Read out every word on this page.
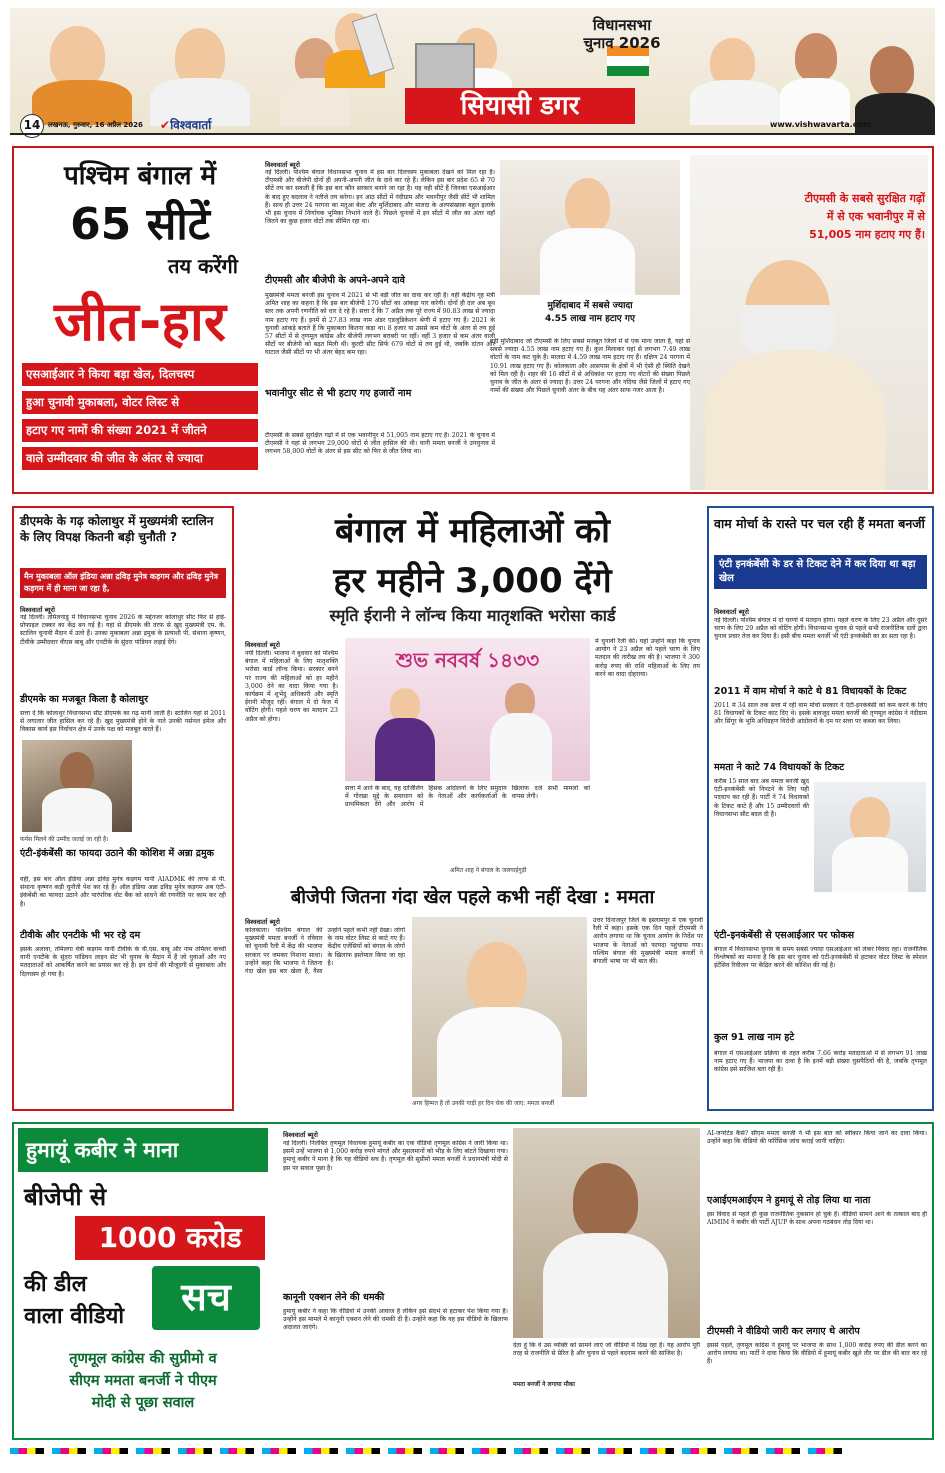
विधानसभा
चुनाव 2026
सियासी डगर
14	लखनऊ, गुरुवार, 16 अप्रैल 2026 ✔विश्ववार्ता	www.vishwavarta.com
पश्चिम बंगाल में
65 सीटें
तय करेंगी
जीत-हार
एसआईआर ने किया बड़ा खेल, दिलचस्प
हुआ चुनावी मुकाबला, वोटर लिस्ट से
हटाए गए नामों की संख्या 2021 में जीतने
वाले उम्मीदवार की जीत के अंतर से ज्यादा
विश्ववार्ता ब्यूरो
नई दिल्ली। पश्चिम बंगाल विधानसभा चुनाव में इस बार दिलचस्प मुकाबला देखने को मिल रहा है। टीएमसी और बीजेपी दोनों ही अपनी-अपनी जीत के दावे कर रहे हैं। लेकिन इस बार प्रदेश 65 से 70 सीटें तय कर सकती हैं कि इस बार कौन सरकार बनाने जा रहा है। यह वही सीटें हैं जिनका एसआईआर के बाद हुए बदलाव ने नतीजे तय करेगा। इन आठ सीटों में नंदीग्राम और भवानीपुर जैसी सीटें भी शामिल हैं। साथ ही उत्तर 24 परगना का मतुआ बेल्ट और मुर्शिदाबाद और मालदा के अल्पसंख्यक बहुल इलाके भी इस चुनाव में निर्णायक भूमिका निभाने वाले हैं। पिछले चुनावों में इन सीटों में जीत का अंतर वहाँ जितने का कुछ हजार वोटों तक सीमित रहा था।
टीएमसी और बीजेपी के अपने-अपने दावे
मुख्यमंत्री ममता बनर्जी इस चुनाव में 2021 से भी बड़ी जीत का दावा कर रही हैं। वहीं केंद्रीय गृह मंत्री अमित शाह का कहना है कि इस बार बीजेपी 170 सीटों का आंकड़ा पार करेगी। दोनों ही दल अब बूथ स्तर तक अपनी रणनीति को धार दे रहे हैं। सत्ता दें कि 7 अप्रैल तक पूरे राज्य में 90.83 लाख से ज्यादा नाम हटाए गए हैं। इनमें से 27.83 लाख नाम अंडर एडजुडिकेशन श्रेणी में हटाए गए हैं। 2021 के चुनावी आंकड़े बताते हैं कि मुकाबला कितना कड़ा था। 8 हजार या उससे कम वोटों के अंतर से तय हुई 57 सीटों में से तृणमूल कांग्रेस और बीजेपी लगभग बराबरी पर रहीं। वहीं 3 हजार से कम अंतर वाली सीटों पर बीजेपी को बढ़त मिली थी। कुल्टी सीट सिर्फ 679 वोटों से तय हुई थी, जबकि दांतन और घाटाल जैसी सीटों पर भी अंतर बेहद कम रहा।
भवानीपुर सीट से भी हटाए गए हजारों नाम
टीएमसी के सबसे सुरक्षित गढ़ों में से एक भवानीपुर में 51,005 नाम हटाए गए हैं। 2021 के चुनाव में टीएमसी ने यहां से लगभग 29,000 वोटों से जीत हासिल की थी। यानी ममता बनर्जी ने उपचुनाव में लगभग 58,000 वोटों के अंतर से इस सीट को फिर से जीत लिया था।
मुर्शिदाबाद में सबसे ज्यादा
4.55 लाख नाम हटाए गए
वहीं मुर्शिदाबाद जो टीएमसी के लिए सबसे मजबूत जिलों में से एक माना जाता है, यहां से सबसे ज्यादा 4.55 लाख नाम हटाए गए हैं। कुल मिलाकर यहां से लगभग 7.49 लाख वोटरों के नाम कट चुके हैं। मालदा में 4.59 लाख नाम हटाए गए हैं। दक्षिण 24 परगना में 10.91 लाख हटाए गए हैं। कोलकाता और आसपास के क्षेत्रों में भी ऐसी ही स्थिति देखने को मिल रही है। शहर की 16 सीटों में से अधिकांश पर हटाए गए वोटरों की संख्या पिछले चुनाव के जीत के अंतर से ज्यादा है। उत्तर 24 परगना और नदिया जैसे जिलों में हटाए गए नामों की संख्या और पिछले चुनावी अंतर के बीच यह अंतर साफ नजर आता है।
टीएमसी के सबसे सुरक्षित गढ़ों में से एक भवानीपुर में से 51,005 नाम हटाए गए हैं।
डीएमके के गढ़ कोलाथुर में मुख्यमंत्री स्टालिन के लिए विपक्ष कितनी बड़ी चुनौती ?
मैन मुकाबला ऑल इंडिया अन्ना द्रविड़ मुनेत्र कड़गम और द्रविड़ मुनेत्र कड़गम में ही माना जा रहा है,
विश्ववार्ता ब्यूरो
नई दिल्ली। तमिलनाडु में विधानसभा चुनाव 2026 के मद्देनजर कोलाथुर सीट फिर से हाई-प्रोफाइल टक्कर का केंद्र बन गई है। यहां से डीएमके की तरफ से खुद मुख्यमंत्री एम. के. स्टालिन चुनावी मैदान में उतरे हैं। उनका मुकाबला अन्ना द्रमुक के प्रत्याशी पी. संथाना कृष्णन, टीवीके उम्मीदवार वीएस बाबू और एनटीके के सुंदरा पांडियन लड़ाई देंगे।
डीएमके का मजबूत किला है कोलाथुर
सत्ता दें कि कोलाथुर विधानसभा सीट डीएमके का गढ़ मानी जाती है। स्टालिन यहां से 2011 से लगातार जीत हासिल कर रहे हैं। खुद मुख्यमंत्री होने के नाते उनकी पर्सनल इमेज और विकास कार्य इस निर्वाचन क्षेत्र में उनके पक्ष को मजबूत करते हैं।
फर्नस मिलने की उम्मीद जताई जा रही है।
एंटी-इंकंबेंसी का फायदा उठाने की कोशिश में अन्ना द्रमुक
वहीं, इस बार ऑल इंडिया अन्ना द्रविड़ मुनेत्र कड़गम यानी AIADMK की तरफ से पी. संथाना कृष्णन कड़ी चुनौती पेश कर रहे हैं। ऑल इंडिया अन्ना द्रविड़ मुनेत्र कड़गम अब एंटी-इंकंबेंसी का फायदा उठाने और पारंपरिक वोट बैंक को साधने की रणनीति पर काम कर रही है।
टीवीके और एनटीके भी भर रहे दम
इसके अलावा, तमिलगा वेत्री कड़गम यानी टीवीके के वी.एस. बाबू और नाम तमिलर कच्ची यानी एनटीके के सुंदरा पांडियन लाइन सेट भी चुनाव के मैदान में हैं जो युवाओं और नए मतदाताओं को आकर्षित करने का प्रयास कर रहे हैं। इन दोनों की मौजूदगी से मुकाबला और दिलचस्प हो गया है।
बंगाल में महिलाओं को
हर महीने 3,000 देंगे
स्मृति ईरानी ने लॉन्च किया मातृशक्ति भरोसा कार्ड
विश्ववार्ता ब्यूरो
नयी दिल्ली। भाजपा ने बुधवार को पश्चिम बंगाल में महिलाओं के लिए मातृशक्ति भरोसा कार्ड लॉन्च किया। सरकार बनने पर राज्य की महिलाओं को हर महीने 3,000 देने का वादा किया गया है। कार्यक्रम में शुभेंदु अधिकारी और स्मृति ईरानी मौजूद रहीं। बंगाल में दो फेज में वोटिंग होगी। पहले चरण का मतदान 23 अप्रैल को होगा।
শুভ নববর্ষ ১৪৩৩
सत्ता में आने के बाद, यह दार्जिलिंग में गोरखा मुद्दे के समाधान को प्राथमिकता देंगे और आरोप में हिंसक आंदोलनों के लिए समुदाय के नेताओं और कार्यकर्ताओं के खिलाफ दर्ज सभी मामलों को वापस लेगी।
अमित शाह ने बंगाल के जलपाईगुड़ी
में चुनावी रैली की। यहां उन्होंने कहा कि चुनाव आयोग ने 23 अप्रैल को पहले चरण के लिए मतदान की तारीख तय की है। भाजपा ने 300 करोड़ रुपए की राशि महिलाओं के लिए तय करने का वादा दोहराया।
बीजेपी जितना गंदा खेल पहले कभी नहीं देखा : ममता
विश्ववार्ता ब्यूरो
कोलकाता। पश्चिम बंगाल की मुख्यमंत्री ममता बनर्जी ने रविवार को चुनावी रैली में केंद्र की भाजपा सरकार पर जमकर निशाना साधा। उन्होंने कहा कि भाजपा ने जितना गंदा खेल इस बार खेला है, वैसा उन्होंने पहले कभी नहीं देखा। लोगों के नाम वोटर लिस्ट से काटे गए हैं। केंद्रीय एजेंसियों को बंगाल के लोगों के खिलाफ इस्तेमाल किया जा रहा है।
अगर हिम्मत है तो उनकी गाड़ी हर दिन चेक की जाए: ममता बनर्जी
उत्तर दिनाजपुर जिले के इस्लामपुर में एक चुनावी रैली में कहा। इसके एक दिन पहले टीएमसी ने आरोप लगाया था कि चुनाव आयोग के निर्देश पर भाजपा के नेताओं को फायदा पहुंचाया गया। पश्चिम बंगाल की मुख्यमंत्री ममता बनर्जी ने बंगाली भाषा पर भी बात की।
वाम मोर्चा के रास्ते पर चल रही हैं ममता बनर्जी
एंटी इनकंबेंसी के डर से टिकट देने में कर दिया था बड़ा खेल
विश्ववार्ता ब्यूरो
नई दिल्ली। पश्चिम बंगाल में दो चरणों में मतदान होगा। पहले चरण के लिए 23 अप्रैल और दूसरे चरण के लिए 29 अप्रैल को वोटिंग होगी। विधानसभा चुनाव से पहले सभी राजनीतिक दलों द्वारा चुनाव प्रचार तेज कर दिया है। इसी बीच ममता बनर्जी भी एंटी इनकंबेंसी का डर सता रहा है।
2011 में वाम मोर्चा ने काटे थे 81 विधायकों के टिकट
2011 में 34 साल तक सत्ता में रही वाम मोर्चा सरकार ने एंटी-इनकंबेंसी को कम करने के लिए 81 विधायकों के टिकट काट दिए थे। इसके बावजूद ममता बनर्जी की तृणमूल कांग्रेस ने नंदीग्राम और सिंगूर के भूमि अधिग्रहण विरोधी आंदोलनों के दम पर सत्ता पर कब्जा कर लिया।
ममता ने काटे 74 विधायकों के टिकट
करीब 15 साल बाद अब ममता बनर्जी खुद एंटी-इनकंबेंसी को निपटने के लिए यही पदचाप कर रही हैं। पार्टी ने 74 विधायकों के टिकट काटे हैं और 15 उम्मीदवारों की विधानसभा सीट बदल दी है।
एंटी-इनकंबेंसी से एसआईआर पर फोकस
बंगाल में विधानसभा चुनाव के समय सबसे ज्यादा एसआईआर को लेकर विवाद रहा। राजनीतिक विश्लेषकों का मानना है कि इस बार चुनाव को एंटी-इनकंबेंसी से हटाकर वोटर लिस्ट के स्पेशल इंटेंसिव रिवीजन पर केंद्रित करने की कोशिश की गई है।
कुल 91 लाख नाम हटे
बंगाल में एसआईआर प्रक्रिया के तहत करीब 7.66 करोड़ मतदाताओं में से लगभग 91 लाख नाम हटाए गए हैं। भाजपा का दावा है कि इनमें बड़ी संख्या घुसपैठियों की है, जबकि तृणमूल कांग्रेस इसे साजिश बता रही है।
हुमायूं कबीर ने माना
बीजेपी से
1000 करोड
की डील
वाला वीडियो	सच
तृणमूल कांग्रेस की सुप्रीमो व
सीएम ममता बनर्जी ने पीएम
मोदी से पूछा सवाल
विश्ववार्ता ब्यूरो
नई दिल्ली। निलंबित तृणमूल विधायक हुमायूं कबीर का एक वीडियो तृणमूल कांग्रेस ने जारी किया था। इसमें उन्हें भाजपा से 1,000 करोड़ रुपये मांगते और मुसलमानों को भीड़ के लिए बांटते दिखाया गया। हुमायूं कबीर ने माना है कि यह वीडियो सच है। तृणमूल की सुप्रीमो ममता बनर्जी ने प्रधानमंत्री मोदी से इस पर सवाल पूछा है।
कानूनी एक्शन लेने की धमकी
हुमायूं कबीर ने कहा कि वीडियो में उनकी आवाज है लेकिन इसे संदर्भ से हटाकर पेश किया गया है। उन्होंने इस मामले में कानूनी एक्शन लेने की धमकी दी है। उन्होंने कहा कि वह इस वीडियो के खिलाफ अदालत जाएंगे।
देता हूं कि वे उस व्यक्ति को सामने लाएं जो वीडियो में दिख रहा है। यह आरोप पूरी तरह से राजनीति से प्रेरित है और चुनाव से पहले बदनाम करने की साजिश है।
ममता बनर्जी ने लगाया मौका
AI-जनरेटेड कैसे? सीएम ममता बनर्जी ने भी इस बात को स्वीकार किया जाने का दावा किया। उन्होंने कहा कि वीडियो की फॉरेंसिक जांच कराई जानी चाहिए।
एआईएमआईएम ने हुमायूं से तोड़ लिया था नाता
इस विवाद से पहले ही कुछ राजनीतिक नुकसान हो चुके हैं। वीडियो सामने आने के तत्काल बाद ही AIMIM ने कबीर की पार्टी AJUP के साथ अपना गठबंधन तोड़ दिया था।
टीएमसी ने वीडियो जारी कर लगाए थे आरोप
इससे पहले, तृणमूल कांग्रेस ने हुमायूं पर भाजपा के साथ 1,000 करोड़ रुपए की डील करने का आरोप लगाया था। पार्टी ने दावा किया कि वीडियो में हुमायूं कबीर खुले तौर पर डील की बात कर रहे हैं।
